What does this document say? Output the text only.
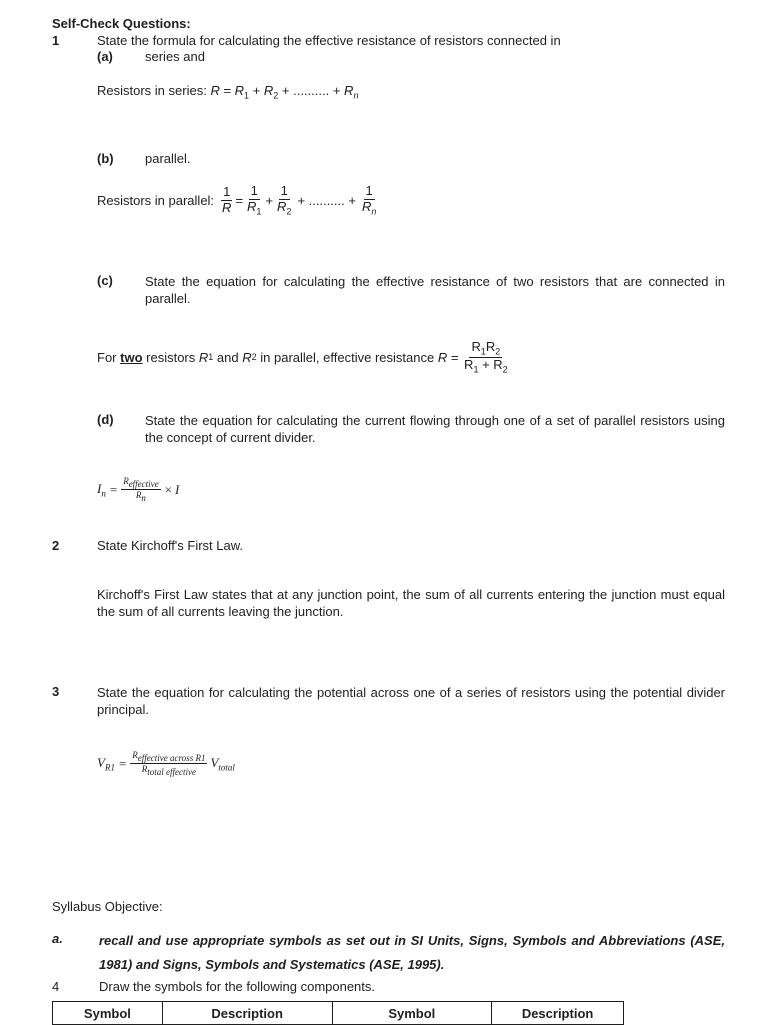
Self-Check Questions:
1	State the formula for calculating the effective resistance of resistors connected in
(a) series and
Resistors in series: $R = R_1 + R_2$ + .......... + $R_n$
(b) parallel.
Resistors in parallel: $\frac{1}{R} = \frac{1}{R_1} + \frac{1}{R_2}$ + .......... + $\frac{1}{R_n}$
(c) State the equation for calculating the effective resistance of two resistors that are connected in parallel.
For
two
resistors
R 1
and
R 2
in parallel, effective resistance
$R = \frac{R_1R_2}{R_1 + R_2}$
(d) State the equation for calculating the current flowing through one of a set of parallel resistors using the concept of current divider.
$I_n = \frac{R_{effective}}{R_n} \times I$
2	State Kirchoff's First Law.
Kirchoff's First Law states that at any junction point, the sum of all currents entering the junction must equal the sum of all currents leaving the junction.
3	State the equation for calculating the potential across one of a series of resistors using the potential divider principal.
$V_{R1} = \frac{R_{effective across R1}}{R_{total effective}} V_{total}$
Syllabus Objective:
a.	recall and use appropriate symbols as set out in SI Units, Signs, Symbols and Abbreviations (ASE, 1981) and Signs, Symbols and Systematics (ASE, 1995).
4	Draw the symbols for the following components.
Symbol	Description	Symbol	Description
